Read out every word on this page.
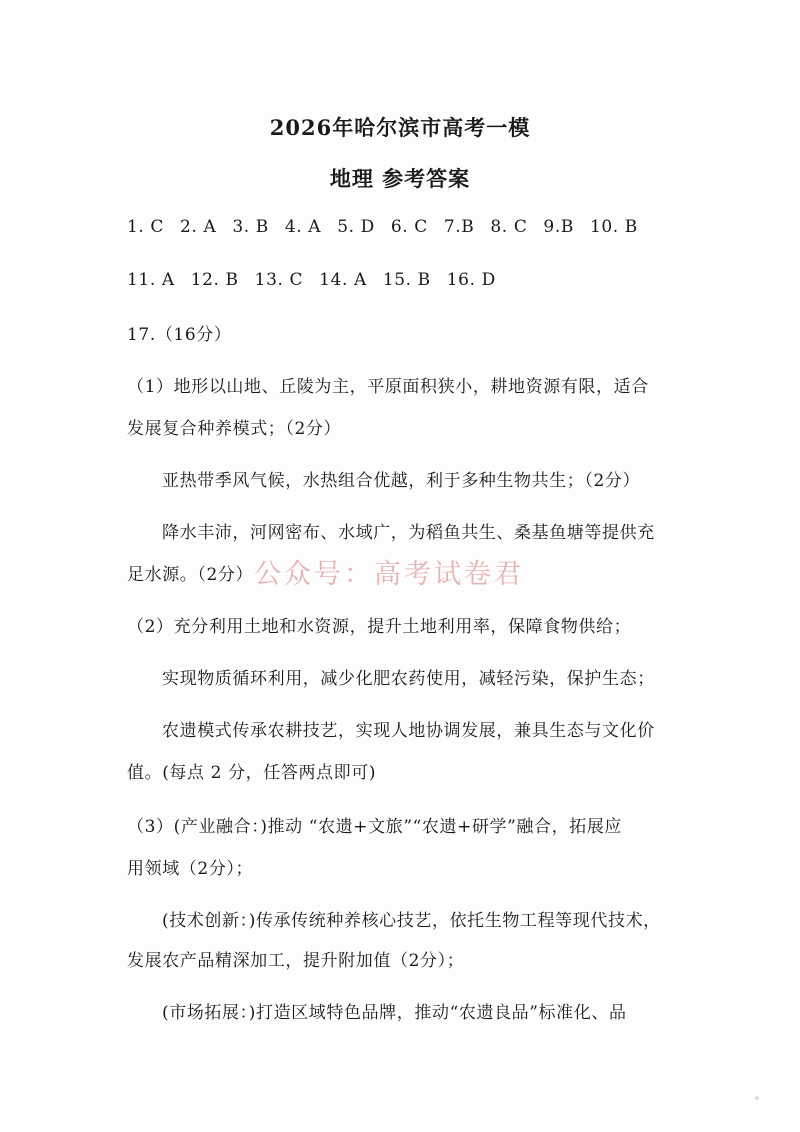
2026年哈尔滨市高考一模
地理 参考答案
1. C 2. A 3. B 4. A 5. D 6. C 7.B 8. C 9.B 10. B
11. A 12. B 13. C 14. A 15. B 16. D
17.（16分）
（1）地形以山地、丘陵为主，平原面积狭小，耕地资源有限，适合
发展复合种养模式；（2分）
亚热带季风气候，水热组合优越，利于多种生物共生；（2分）
降水丰沛，河网密布、水域广，为稻鱼共生、桑基鱼塘等提供充
足水源。（2分） 公众号：高考试卷君
（2）充分利用土地和水资源，提升土地利用率，保障食物供给；
实现物质循环利用，减少化肥农药使用，减轻污染，保护生态；
农遗模式传承农耕技艺，实现人地协调发展，兼具生态与文化价
值。(每点 2 分，任答两点即可)
（3）(产业融合：)推动 “农遗+文旅”“农遗+研学”融合，拓展应
用领域（2分）；
(技术创新：)传承传统种养核心技艺，依托生物工程等现代技术，
发展农产品精深加工，提升附加值（2分）；
(市场拓展：)打造区域特色品牌，推动“农遗良品”标准化、品
